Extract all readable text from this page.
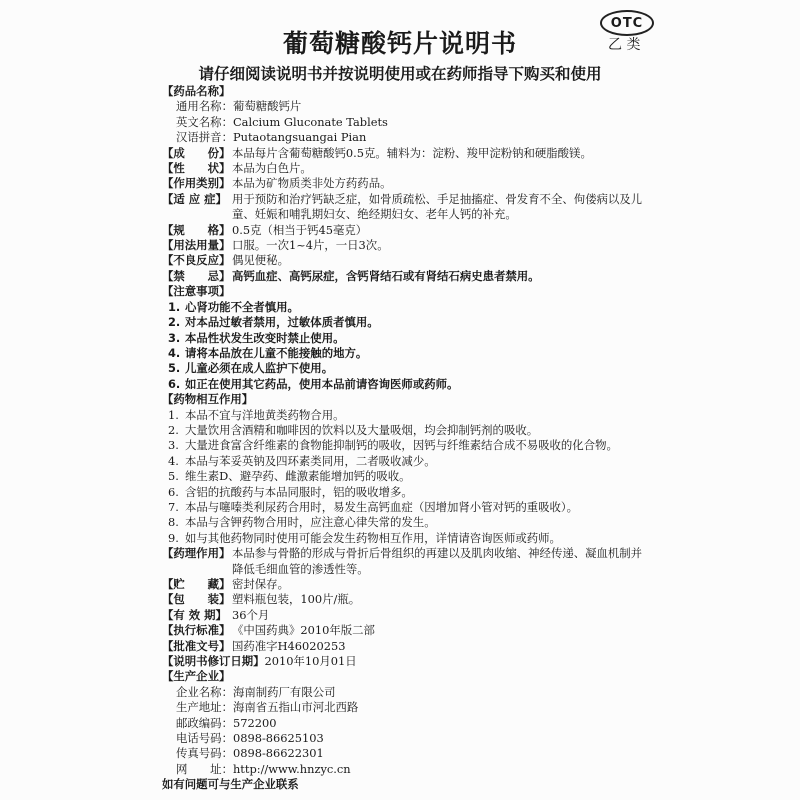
OTC
乙 类
葡萄糖酸钙片说明书
请仔细阅读说明书并按说明使用或在药师指导下购买和使用
【药品名称】
通用名称： 葡萄糖酸钙片
英文名称： Calcium Gluconate Tablets
汉语拼音： Putaotangsuangai Pian
【成　　份】 本品每片含葡萄糖酸钙0.5克。辅料为：淀粉、羧甲淀粉钠和硬脂酸镁。
【性　　状】 本品为白色片。
【作用类别】 本品为矿物质类非处方药药品。
【适 应 症】 用于预防和治疗钙缺乏症，如骨质疏松、手足抽搐症、骨发育不全、佝偻病以及儿童、妊娠和哺乳期妇女、绝经期妇女、老年人钙的补充。
【规　　格】 0.5克（相当于钙45毫克）
【用法用量】 口服。一次1~4片，一日3次。
【不良反应】 偶见便秘。
【禁　　忌】 高钙血症、高钙尿症，含钙肾结石或有肾结石病史患者禁用。
【注意事项】
1. 心肾功能不全者慎用。
2. 对本品过敏者禁用，过敏体质者慎用。
3. 本品性状发生改变时禁止使用。
4. 请将本品放在儿童不能接触的地方。
5. 儿童必须在成人监护下使用。
6. 如正在使用其它药品，使用本品前请咨询医师或药师。
【药物相互作用】
1. 本品不宜与洋地黄类药物合用。
2. 大量饮用含酒精和咖啡因的饮料以及大量吸烟，均会抑制钙剂的吸收。
3. 大量进食富含纤维素的食物能抑制钙的吸收，因钙与纤维素结合成不易吸收的化合物。
4. 本品与苯妥英钠及四环素类同用，二者吸收减少。
5. 维生素D、避孕药、雌激素能增加钙的吸收。
6. 含铝的抗酸药与本品同服时，铝的吸收增多。
7. 本品与噻嗪类利尿药合用时，易发生高钙血症（因增加肾小管对钙的重吸收）。
8. 本品与含钾药物合用时，应注意心律失常的发生。
9. 如与其他药物同时使用可能会发生药物相互作用，详情请咨询医师或药师。
【药理作用】 本品参与骨骼的形成与骨折后骨组织的再建以及肌肉收缩、神经传递、凝血机制并降低毛细血管的渗透性等。
【贮　　藏】 密封保存。
【包　　装】 塑料瓶包装，100片/瓶。
【有 效 期】 36个月
【执行标准】 《中国药典》2010年版二部
【批准文号】 国药准字H46020253
【说明书修订日期】 2010年10月01日
【生产企业】
企业名称： 海南制药厂有限公司
生产地址： 海南省五指山市河北西路
邮政编码： 572200
电话号码： 0898-86625103
传真号码： 0898-86622301
网　　址： http://www.hnzyc.cn
如有问题可与生产企业联系
